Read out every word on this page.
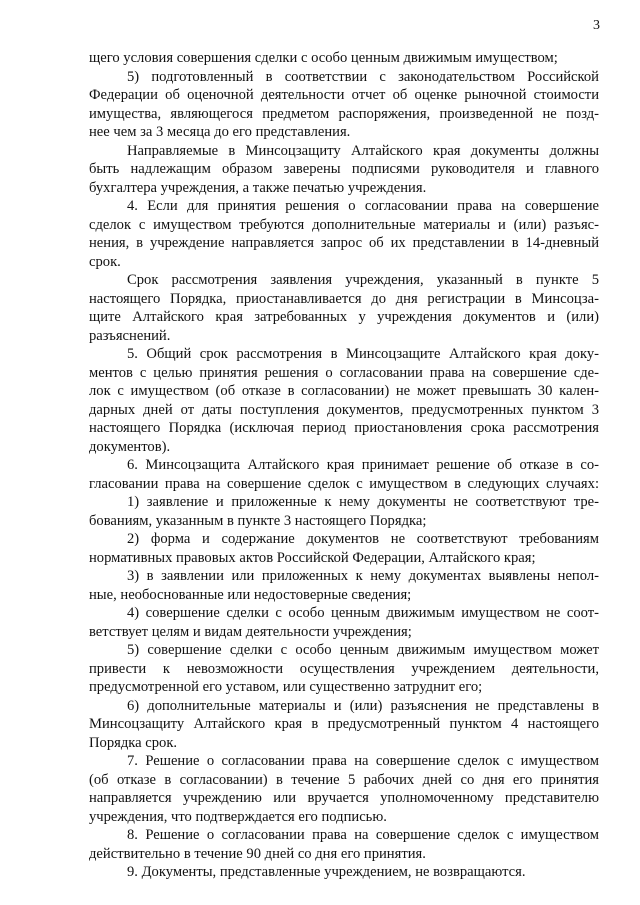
3
щего условия совершения сделки с особо ценным движимым имуществом;
5) подготовленный в соответствии с законодательством Российской
Федерации об оценочной деятельности отчет об оценке рыночной стоимости
имущества, являющегося предметом распоряжения, произведенной не позд-
нее чем за 3 месяца до его представления.
Направляемые в Минсоцзащиту Алтайского края документы должны
быть надлежащим образом заверены подписями руководителя и главного
бухгалтера учреждения, а также печатью учреждения.
4. Если для принятия решения о согласовании права на совершение
сделок с имуществом требуются дополнительные материалы и (или) разъяс-
нения, в учреждение направляется запрос об их представлении в 14-дневный
срок.
Срок рассмотрения заявления учреждения, указанный в пункте 5
настоящего Порядка, приостанавливается до дня регистрации в Минсоцза-
щите Алтайского края затребованных у учреждения документов и (или)
разъяснений.
5. Общий срок рассмотрения в Минсоцзащите Алтайского края доку-
ментов с целью принятия решения о согласовании права на совершение сде-
лок с имуществом (об отказе в согласовании) не может превышать 30 кален-
дарных дней от даты поступления документов, предусмотренных пунктом 3
настоящего Порядка (исключая период приостановления срока рассмотрения
документов).
6. Минсоцзащита Алтайского края принимает решение об отказе в со-
гласовании права на совершение сделок с имуществом в следующих случаях:
1) заявление и приложенные к нему документы не соответствуют тре-
бованиям, указанным в пункте 3 настоящего Порядка;
2) форма и содержание документов не соответствуют требованиям
нормативных правовых актов Российской Федерации, Алтайского края;
3) в заявлении или приложенных к нему документах выявлены непол-
ные, необоснованные или недостоверные сведения;
4) совершение сделки с особо ценным движимым имуществом не соот-
ветствует целям и видам деятельности учреждения;
5) совершение сделки с особо ценным движимым имуществом может
привести к невозможности осуществления учреждением деятельности,
предусмотренной его уставом, или существенно затруднит его;
6) дополнительные материалы и (или) разъяснения не представлены в
Минсоцзащиту Алтайского края в предусмотренный пунктом 4 настоящего
Порядка срок.
7. Решение о согласовании права на совершение сделок с имуществом
(об отказе в согласовании) в течение 5 рабочих дней со дня его принятия
направляется учреждению или вручается уполномоченному представителю
учреждения, что подтверждается его подписью.
8. Решение о согласовании права на совершение сделок с имуществом
действительно в течение 90 дней со дня его принятия.
9. Документы, представленные учреждением, не возвращаются.
